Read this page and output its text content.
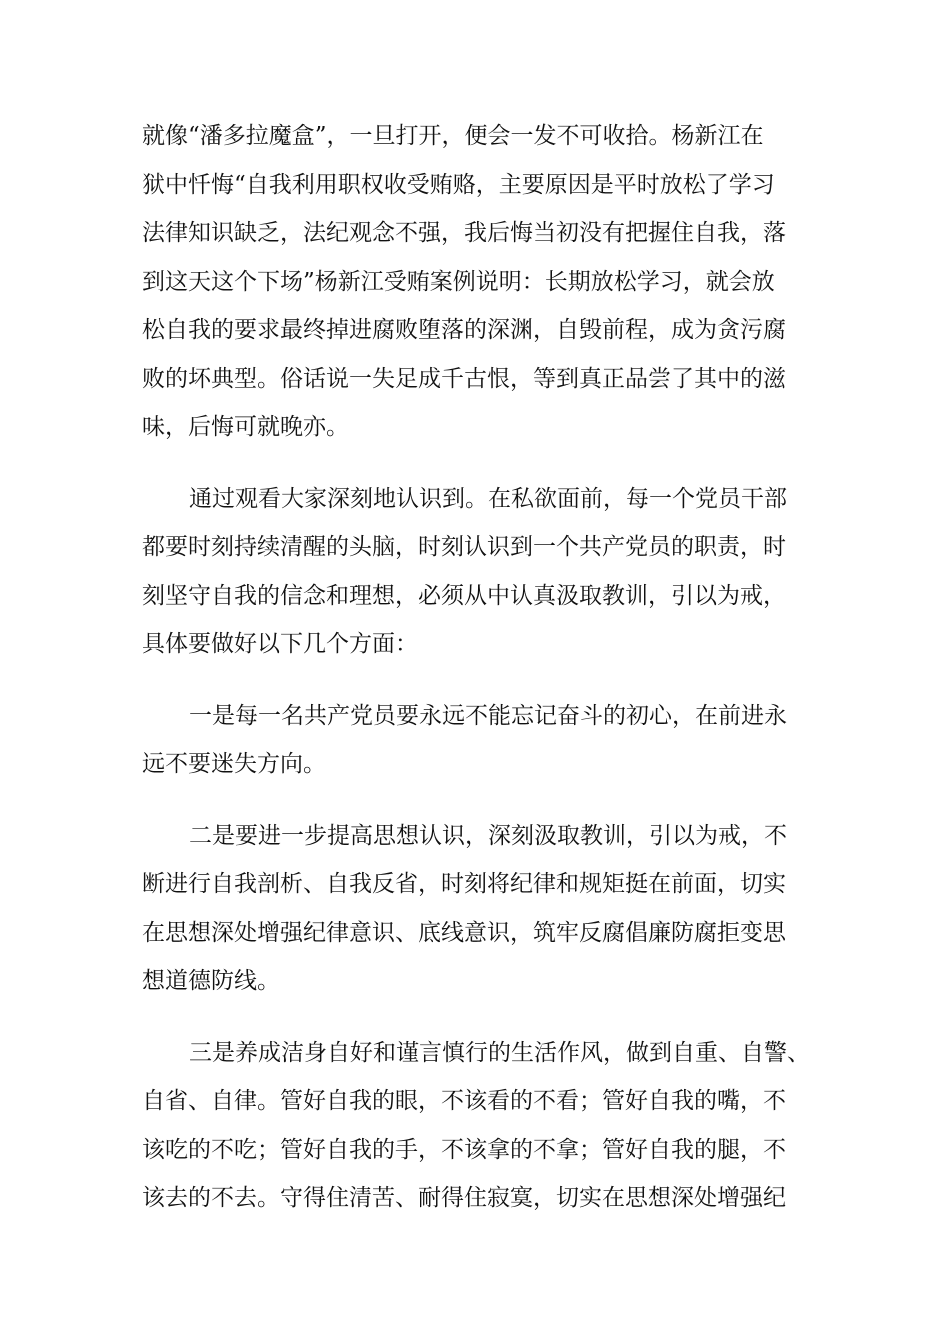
就像“潘多拉魔盒”，一旦打开，便会一发不可收拾。杨新江在
狱中忏悔“自我利用职权收受贿赂，主要原因是平时放松了学习
法律知识缺乏，法纪观念不强，我后悔当初没有把握住自我，落
到这天这个下场”杨新江受贿案例说明：长期放松学习，就会放
松自我的要求最终掉进腐败堕落的深渊，自毁前程，成为贪污腐
败的坏典型。俗话说一失足成千古恨，等到真正品尝了其中的滋
味，后悔可就晚亦。
通过观看大家深刻地认识到。在私欲面前，每一个党员干部
都要时刻持续清醒的头脑，时刻认识到一个共产党员的职责，时
刻坚守自我的信念和理想，必须从中认真汲取教训，引以为戒，
具体要做好以下几个方面：
一是每一名共产党员要永远不能忘记奋斗的初心，在前进永
远不要迷失方向。
二是要进一步提高思想认识，深刻汲取教训，引以为戒，不
断进行自我剖析、自我反省，时刻将纪律和规矩挺在前面，切实
在思想深处增强纪律意识、底线意识，筑牢反腐倡廉防腐拒变思
想道德防线。
三是养成洁身自好和谨言慎行的生活作风，做到自重、自警、
自省、自律。管好自我的眼，不该看的不看；管好自我的嘴，不
该吃的不吃；管好自我的手，不该拿的不拿；管好自我的腿，不
该去的不去。守得住清苦、耐得住寂寞，切实在思想深处增强纪
